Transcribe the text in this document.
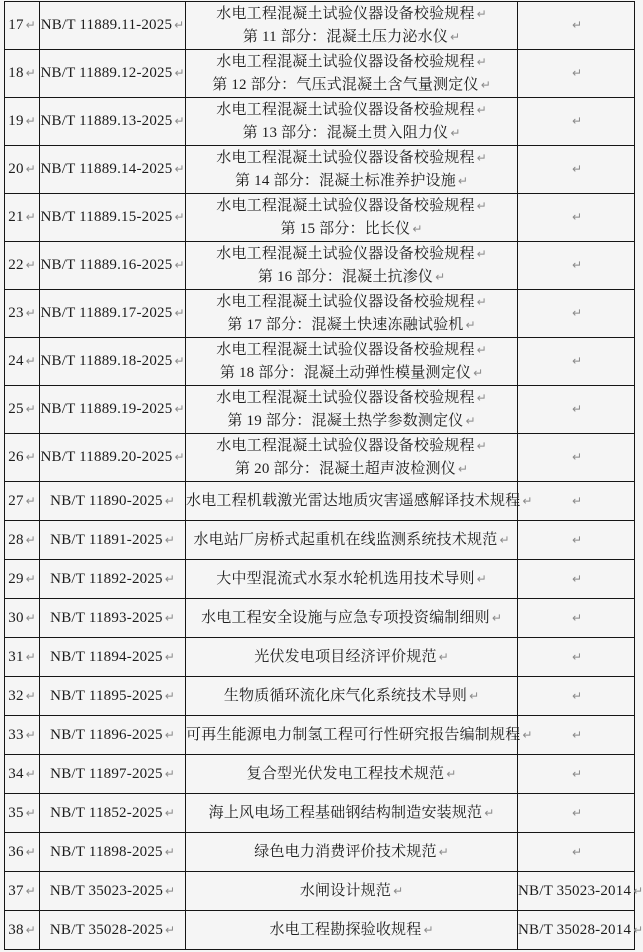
17 ↵	NB/T 11889.11-2025 ↵	水电工程混凝土试验仪器设备校验规程 ↵
第 11 部分：混凝土压力泌水仪 ↵	↵
18 ↵	NB/T 11889.12-2025 ↵	水电工程混凝土试验仪器设备校验规程 ↵
第 12 部分：气压式混凝土含气量测定仪 ↵	↵
19 ↵	NB/T 11889.13-2025 ↵	水电工程混凝土试验仪器设备校验规程 ↵
第 13 部分：混凝土贯入阻力仪 ↵	↵
20 ↵	NB/T 11889.14-2025 ↵	水电工程混凝土试验仪器设备校验规程 ↵
第 14 部分：混凝土标准养护设施 ↵	↵
21 ↵	NB/T 11889.15-2025 ↵	水电工程混凝土试验仪器设备校验规程 ↵
第 15 部分：比长仪 ↵	↵
22 ↵	NB/T 11889.16-2025 ↵	水电工程混凝土试验仪器设备校验规程 ↵
第 16 部分：混凝土抗渗仪 ↵	↵
23 ↵	NB/T 11889.17-2025 ↵	水电工程混凝土试验仪器设备校验规程 ↵
第 17 部分：混凝土快速冻融试验机 ↵	↵
24 ↵	NB/T 11889.18-2025 ↵	水电工程混凝土试验仪器设备校验规程 ↵
第 18 部分：混凝土动弹性模量测定仪 ↵	↵
25 ↵	NB/T 11889.19-2025 ↵	水电工程混凝土试验仪器设备校验规程 ↵
第 19 部分：混凝土热学参数测定仪 ↵	↵
26 ↵	NB/T 11889.20-2025 ↵	水电工程混凝土试验仪器设备校验规程 ↵
第 20 部分：混凝土超声波检测仪 ↵	↵
27 ↵	NB/T 11890-2025 ↵	水电工程机载激光雷达地质灾害遥感解译技术规程 ↵	↵
28 ↵	NB/T 11891-2025 ↵	水电站厂房桥式起重机在线监测系统技术规范 ↵	↵
29 ↵	NB/T 11892-2025 ↵	大中型混流式水泵水轮机选用技术导则 ↵	↵
30 ↵	NB/T 11893-2025 ↵	水电工程安全设施与应急专项投资编制细则 ↵	↵
31 ↵	NB/T 11894-2025 ↵	光伏发电项目经济评价规范 ↵	↵
32 ↵	NB/T 11895-2025 ↵	生物质循环流化床气化系统技术导则 ↵	↵
33 ↵	NB/T 11896-2025 ↵	可再生能源电力制氢工程可行性研究报告编制规程 ↵	↵
34 ↵	NB/T 11897-2025 ↵	复合型光伏发电工程技术规范 ↵	↵
35 ↵	NB/T 11852-2025 ↵	海上风电场工程基础钢结构制造安装规范 ↵	↵
36 ↵	NB/T 11898-2025 ↵	绿色电力消费评价技术规范 ↵	↵
37 ↵	NB/T 35023-2025 ↵	水闸设计规范 ↵	NB/T 35023-2014 ↵
38 ↵	NB/T 35028-2025 ↵	水电工程勘探验收规程 ↵	NB/T 35028-2014 ↵
